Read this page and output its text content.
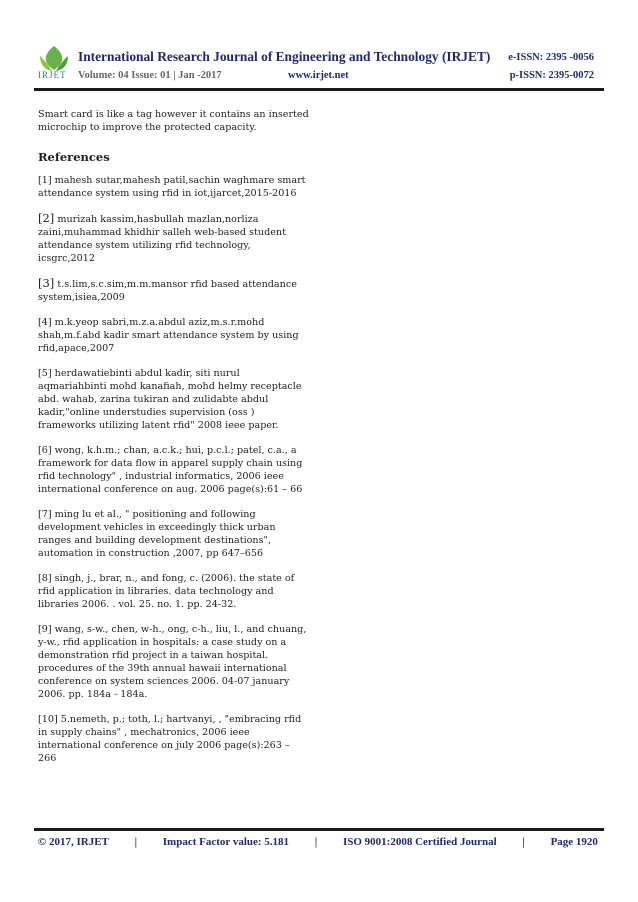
IRJET
International Research Journal of Engineering and Technology (IRJET) e-ISSN: 2395 -0056
Volume: 04 Issue: 01 | Jan -2017	www.irjet.net	p-ISSN: 2395-0072

Smart card is like a tag however it contains an inserted microchip to improve the protected capacity.

References

[1] mahesh sutar,mahesh patil,sachin waghmare smart attendance system using rfid in iot,ijarcet,2015-2016

[2] murizah kassim,hasbullah mazlan,norliza zaini,muhammad khidhir salleh web-based student attendance system utilizing rfid technology, icsgrc,2012

[3] t.s.lim,s.c.sim,m.m.mansor rfid based attendance system,isiea,2009

[4] m.k.yeop sabri,m.z.a.abdul aziz,m.s.r.mohd shah,m.f.abd kadir smart attendance system by using rfid,apace,2007

[5] herdawatiebinti abdul kadir, siti nurul aqmariahbinti mohd kanafiah, mohd helmy receptacle abd. wahab, zarina tukiran and zulidabte abdul kadir,"online understudies supervision (oss ) frameworks utilizing latent rfid" 2008 ieee paper.

[6] wong, k.h.m.; chan, a.c.k.; hui, p.c.l.; patel, c.a., a framework for data flow in apparel supply chain using rfid technology" , industrial informatics, 2006 ieee international conference on aug. 2006 page(s):61 – 66

[7] ming lu et al., " positioning and following development vehicles in exceedingly thick urban ranges and building development destinations", automation in construction ,2007, pp 647–656

[8] singh, j., brar, n., and fong, c. (2006). the state of rfid application in libraries. data technology and libraries 2006. . vol. 25. no. 1. pp. 24-32.

[9] wang, s-w., chen, w-h., ong, c-h., liu, l., and chuang, y-w., rfid application in hospitals: a case study on a demonstration rfid project in a taiwan hospital. procedures of the 39th annual hawaii international conference on system sciences 2006. 04-07 january 2006. pp. 184a - 184a.

[10] 5.nemeth, p.; toth, l.; hartvanyi, , "embracing rfid in supply chains" , mechatronics, 2006 ieee international conference on july 2006 page(s):263 – 266

© 2017, IRJET | Impact Factor value: 5.181 | ISO 9001:2008 Certified Journal | Page 1920
